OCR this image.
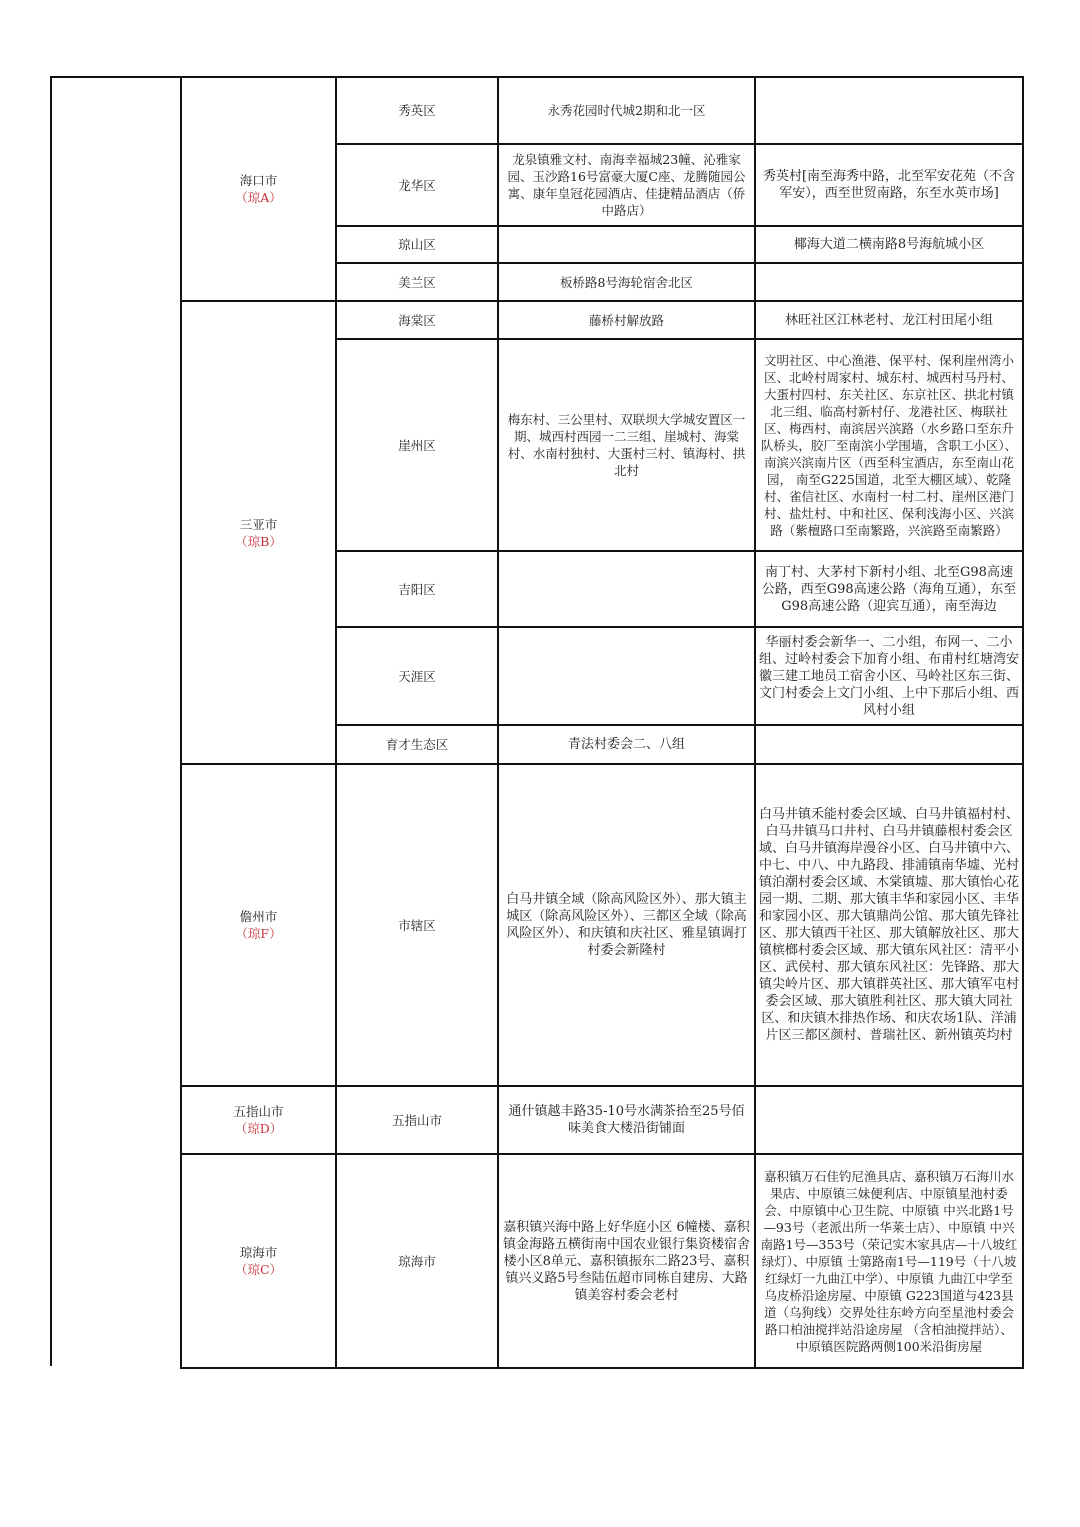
海口市
（琼A）	秀英区	永秀花园时代城2期和北一区	
	龙华区	龙泉镇雅文村、南海幸福城23幢、沁雅家园、玉沙路16号富豪大厦C座、龙腾随园公寓、康年皇冠花园酒店、佳捷精品酒店（侨中路店）	秀英村[南至海秀中路，北至军安花苑（不含军安），西至世贸南路，东至水英市场]
	琼山区		椰海大道二横南路8号海航城小区
	美兰区	板桥路8号海轮宿舍北区	

三亚市
（琼B）	海棠区	藤桥村解放路	林旺社区江林老村、龙江村田尾小组
	崖州区	梅东村、三公里村、双联坝大学城安置区一期、城西村西园一二三组、崖城村、海棠村、水南村独村、大蛋村三村、镇海村、拱北村	文明社区、中心渔港、保平村、保利崖州湾小区、北岭村周家村、城东村、城西村马丹村、大蛋村四村、东关社区、东京社区、拱北村镇北三组、临高村新村仔、龙港社区、梅联社区、梅西村、南滨居兴滨路（水乡路口至东升队桥头，胶厂至南滨小学围墙，含职工小区）、南滨兴滨南片区（西至科宝酒店，东至南山花园， 南至G225国道，北至大棚区域）、乾隆村、雀信社区、水南村一村二村、崖州区港门村、盐灶村、中和社区、保利浅海小区、兴滨路（紫檀路口至南繁路，兴滨路至南繁路）
	吉阳区		南丁村、大茅村下新村小组、北至G98高速公路，西至G98高速公路（海角互通），东至G98高速公路（迎宾互通），南至海边
	天涯区		华丽村委会新华一、二小组，布网一、二小组、过岭村委会下加育小组、布甫村红塘湾安徽三建工地员工宿舍小区、马岭社区东三街、文门村委会上文门小组、上中下那后小组、西风村小组
	育才生态区	青法村委会二、八组	

儋州市
（琼F）	市辖区	白马井镇全域（除高风险区外）、那大镇主城区（除高风险区外）、三都区全域（除高风险区外）、和庆镇和庆社区、雅星镇调打村委会新隆村	白马井镇禾能村委会区域、白马井镇福村村、白马井镇马口井村、白马井镇藤根村委会区域、白马井镇海岸漫谷小区、白马井镇中六、中七、中八、中九路段、排浦镇南华墟、光村镇泊潮村委会区域、木棠镇墟、那大镇怡心花园一期、二期、那大镇丰华和家园小区、丰华和家园小区、那大镇鼎尚公馆、那大镇先锋社区、那大镇西干社区、那大镇解放社区、那大镇槟榔村委会区域、那大镇东风社区：清平小区、武侯村、那大镇东风社区：先锋路、那大镇尖岭片区、那大镇群英社区、那大镇军屯村委会区域、那大镇胜利社区、那大镇大同社区、和庆镇木排热作场、和庆农场1队、洋浦片区三都区颜村、普瑞社区、新州镇英均村

五指山市
（琼D）	五指山市	通什镇越丰路35-10号水满茶拾至25号佰味美食大楼沿街铺面	

琼海市
（琼C）	琼海市	嘉积镇兴海中路上好华庭小区 6幢楼、嘉积镇金海路五横街南中国农业银行集资楼宿舍楼小区8单元、嘉积镇振东二路23号、嘉积镇兴义路5号叁陆伍超市同栋自建房、大路镇美容村委会老村	嘉积镇万石佳钓尼渔具店、嘉积镇万石海川水果店、中原镇三妹便利店、中原镇星池村委会、中原镇中心卫生院、中原镇 中兴北路1号—93号（老派出所一华莱士店）、中原镇 中兴南路1号—353号（荣记实木家具店—十八坡红绿灯）、中原镇 士第路南1号—119号（十八坡红绿灯一九曲江中学）、中原镇 九曲江中学至乌皮桥沿途房屋、中原镇 G223国道与423县道（乌狗线）交界处往东岭方向至星池村委会路口柏油搅拌站沿途房屋 （含柏油搅拌站）、中原镇医院路两侧100米沿街房屋
